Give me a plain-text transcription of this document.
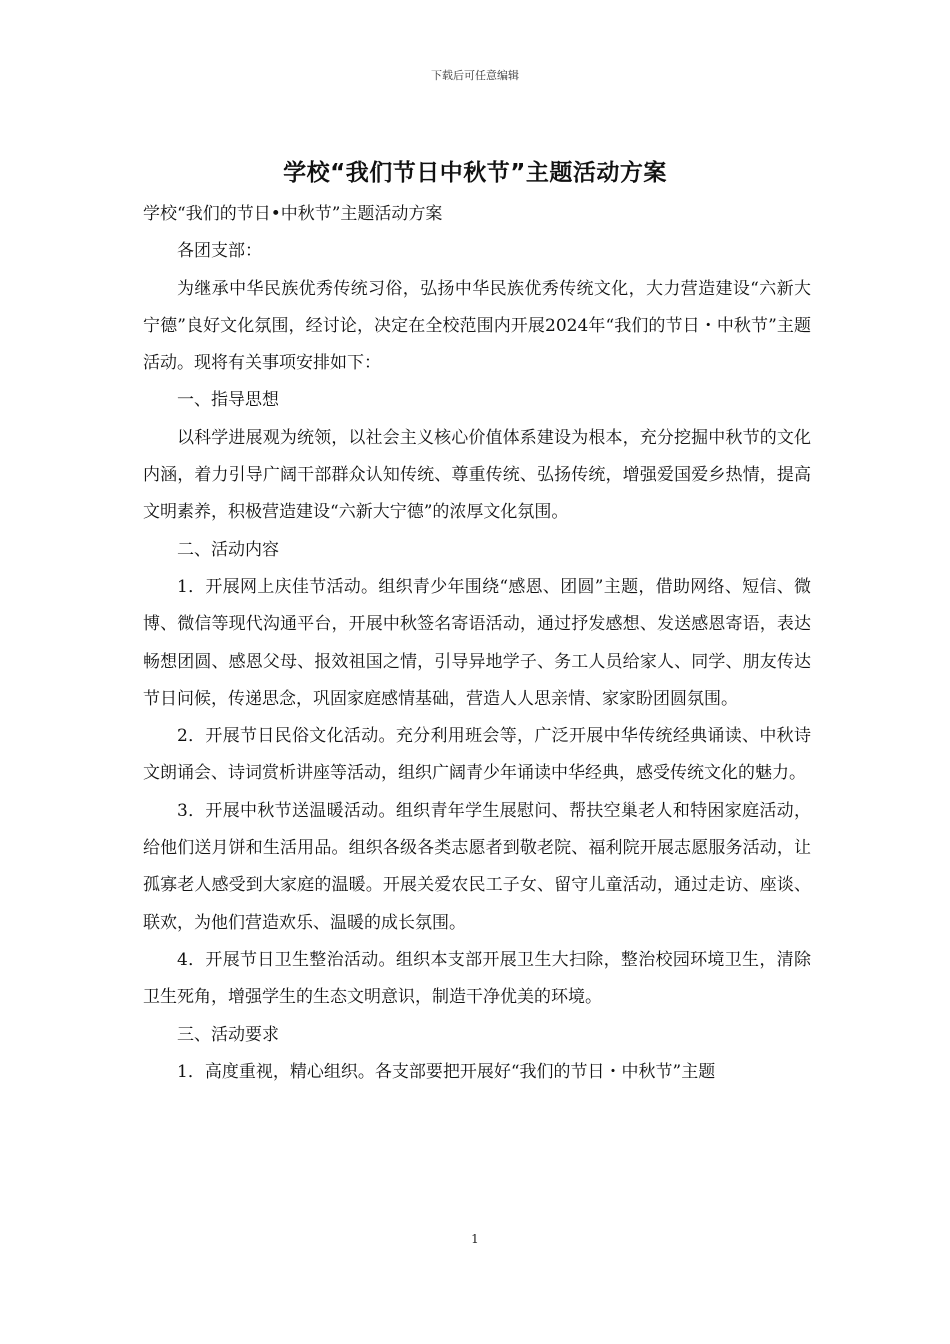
下载后可任意编辑
学校“我们节日中秋节”主题活动方案

学校“我们的节日•中秋节”主题活动方案

各团支部：

为继承中华民族优秀传统习俗，弘扬中华民族优秀传统文化，大力营造建设“六新大宁德”良好文化氛围，经讨论，决定在全校范围内开展2024年“我们的节日・中秋节”主题活动。现将有关事项安排如下：

一、指导思想

以科学进展观为统领，以社会主义核心价值体系建设为根本，充分挖掘中秋节的文化内涵，着力引导广阔干部群众认知传统、尊重传统、弘扬传统，增强爱国爱乡热情，提高文明素养，积极营造建设“六新大宁德”的浓厚文化氛围。

二、活动内容

1．开展网上庆佳节活动。组织青少年围绕“感恩、团圆”主题，借助网络、短信、微博、微信等现代沟通平台，开展中秋签名寄语活动，通过抒发感想、发送感恩寄语，表达畅想团圆、感恩父母、报效祖国之情，引导异地学子、务工人员给家人、同学、朋友传达节日问候，传递思念，巩固家庭感情基础，营造人人思亲情、家家盼团圆氛围。

2．开展节日民俗文化活动。充分利用班会等，广泛开展中华传统经典诵读、中秋诗文朗诵会、诗词赏析讲座等活动，组织广阔青少年诵读中华经典，感受传统文化的魅力。

3．开展中秋节送温暖活动。组织青年学生展慰问、帮扶空巢老人和特困家庭活动，给他们送月饼和生活用品。组织各级各类志愿者到敬老院、福利院开展志愿服务活动，让孤寡老人感受到大家庭的温暖。开展关爱农民工子女、留守儿童活动，通过走访、座谈、联欢，为他们营造欢乐、温暖的成长氛围。

4．开展节日卫生整治活动。组织本支部开展卫生大扫除，整治校园环境卫生，清除卫生死角，增强学生的生态文明意识，制造干净优美的环境。

三、活动要求

1．高度重视，精心组织。各支部要把开展好“我们的节日・中秋节”主题

1
